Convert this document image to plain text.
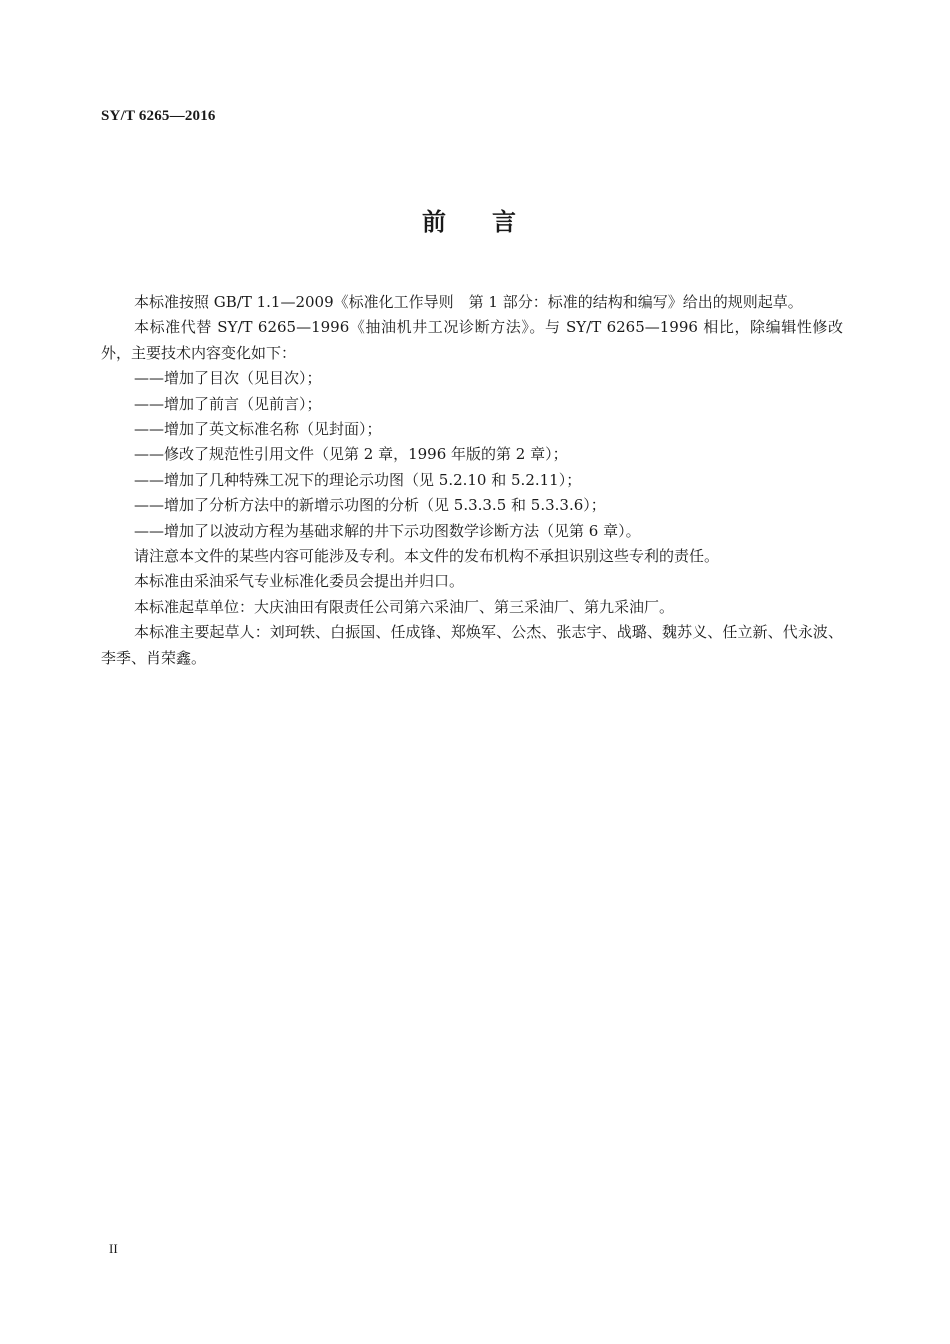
SY/T 6265—2016
前言

本标准按照 GB/T 1.1—2009《标准化工作导则　第 1 部分：标准的结构和编写》给出的规则起草。

本标准代替 SY/T 6265—1996《抽油机井工况诊断方法》。与 SY/T 6265—1996 相比，除编辑性修改外，主要技术内容变化如下：

——增加了目次（见目次）；

——增加了前言（见前言）；

——增加了英文标准名称（见封面）；

——修改了规范性引用文件（见第 2 章，1996 年版的第 2 章）；

——增加了几种特殊工况下的理论示功图（见 5.2.10 和 5.2.11）；

——增加了分析方法中的新增示功图的分析（见 5.3.3.5 和 5.3.3.6）；

——增加了以波动方程为基础求解的井下示功图数学诊断方法（见第 6 章）。

请注意本文件的某些内容可能涉及专利。本文件的发布机构不承担识别这些专利的责任。

本标准由采油采气专业标准化委员会提出并归口。

本标准起草单位：大庆油田有限责任公司第六采油厂、第三采油厂、第九采油厂。

本标准主要起草人：刘珂轶、白振国、任成锋、郑焕军、公杰、张志宇、战璐、魏苏义、任立新、代永波、李季、肖荣鑫。

II
